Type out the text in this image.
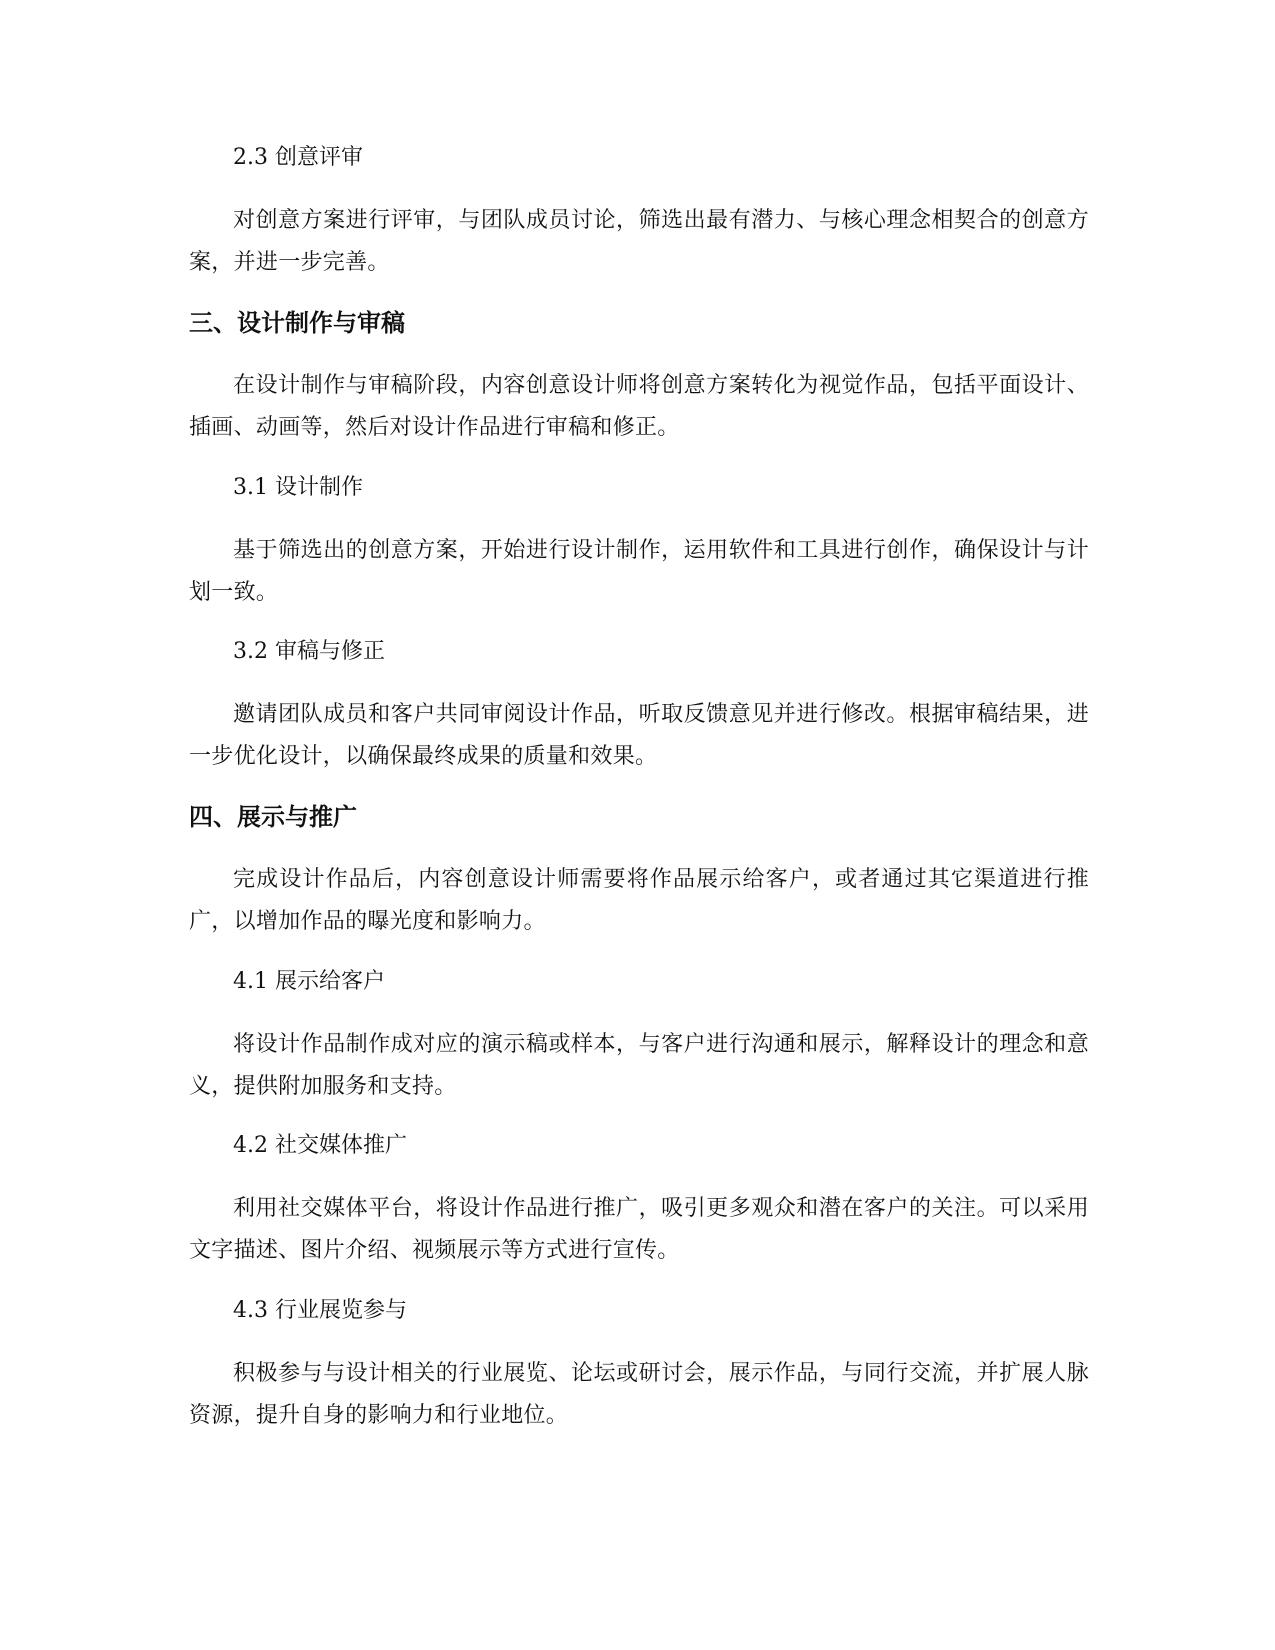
2.3 创意评审
对创意方案进行评审，与团队成员讨论，筛选出最有潜力、与核心理念相契合的创意方案，并进一步完善。
三、设计制作与审稿
在设计制作与审稿阶段，内容创意设计师将创意方案转化为视觉作品，包括平面设计、插画、动画等，然后对设计作品进行审稿和修正。
3.1 设计制作
基于筛选出的创意方案，开始进行设计制作，运用软件和工具进行创作，确保设计与计划一致。
3.2 审稿与修正
邀请团队成员和客户共同审阅设计作品，听取反馈意见并进行修改。根据审稿结果，进一步优化设计，以确保最终成果的质量和效果。
四、展示与推广
完成设计作品后，内容创意设计师需要将作品展示给客户，或者通过其它渠道进行推广，以增加作品的曝光度和影响力。
4.1 展示给客户
将设计作品制作成对应的演示稿或样本，与客户进行沟通和展示，解释设计的理念和意义，提供附加服务和支持。
4.2 社交媒体推广
利用社交媒体平台，将设计作品进行推广，吸引更多观众和潜在客户的关注。可以采用文字描述、图片介绍、视频展示等方式进行宣传。
4.3 行业展览参与
积极参与与设计相关的行业展览、论坛或研讨会，展示作品，与同行交流，并扩展人脉资源，提升自身的影响力和行业地位。
